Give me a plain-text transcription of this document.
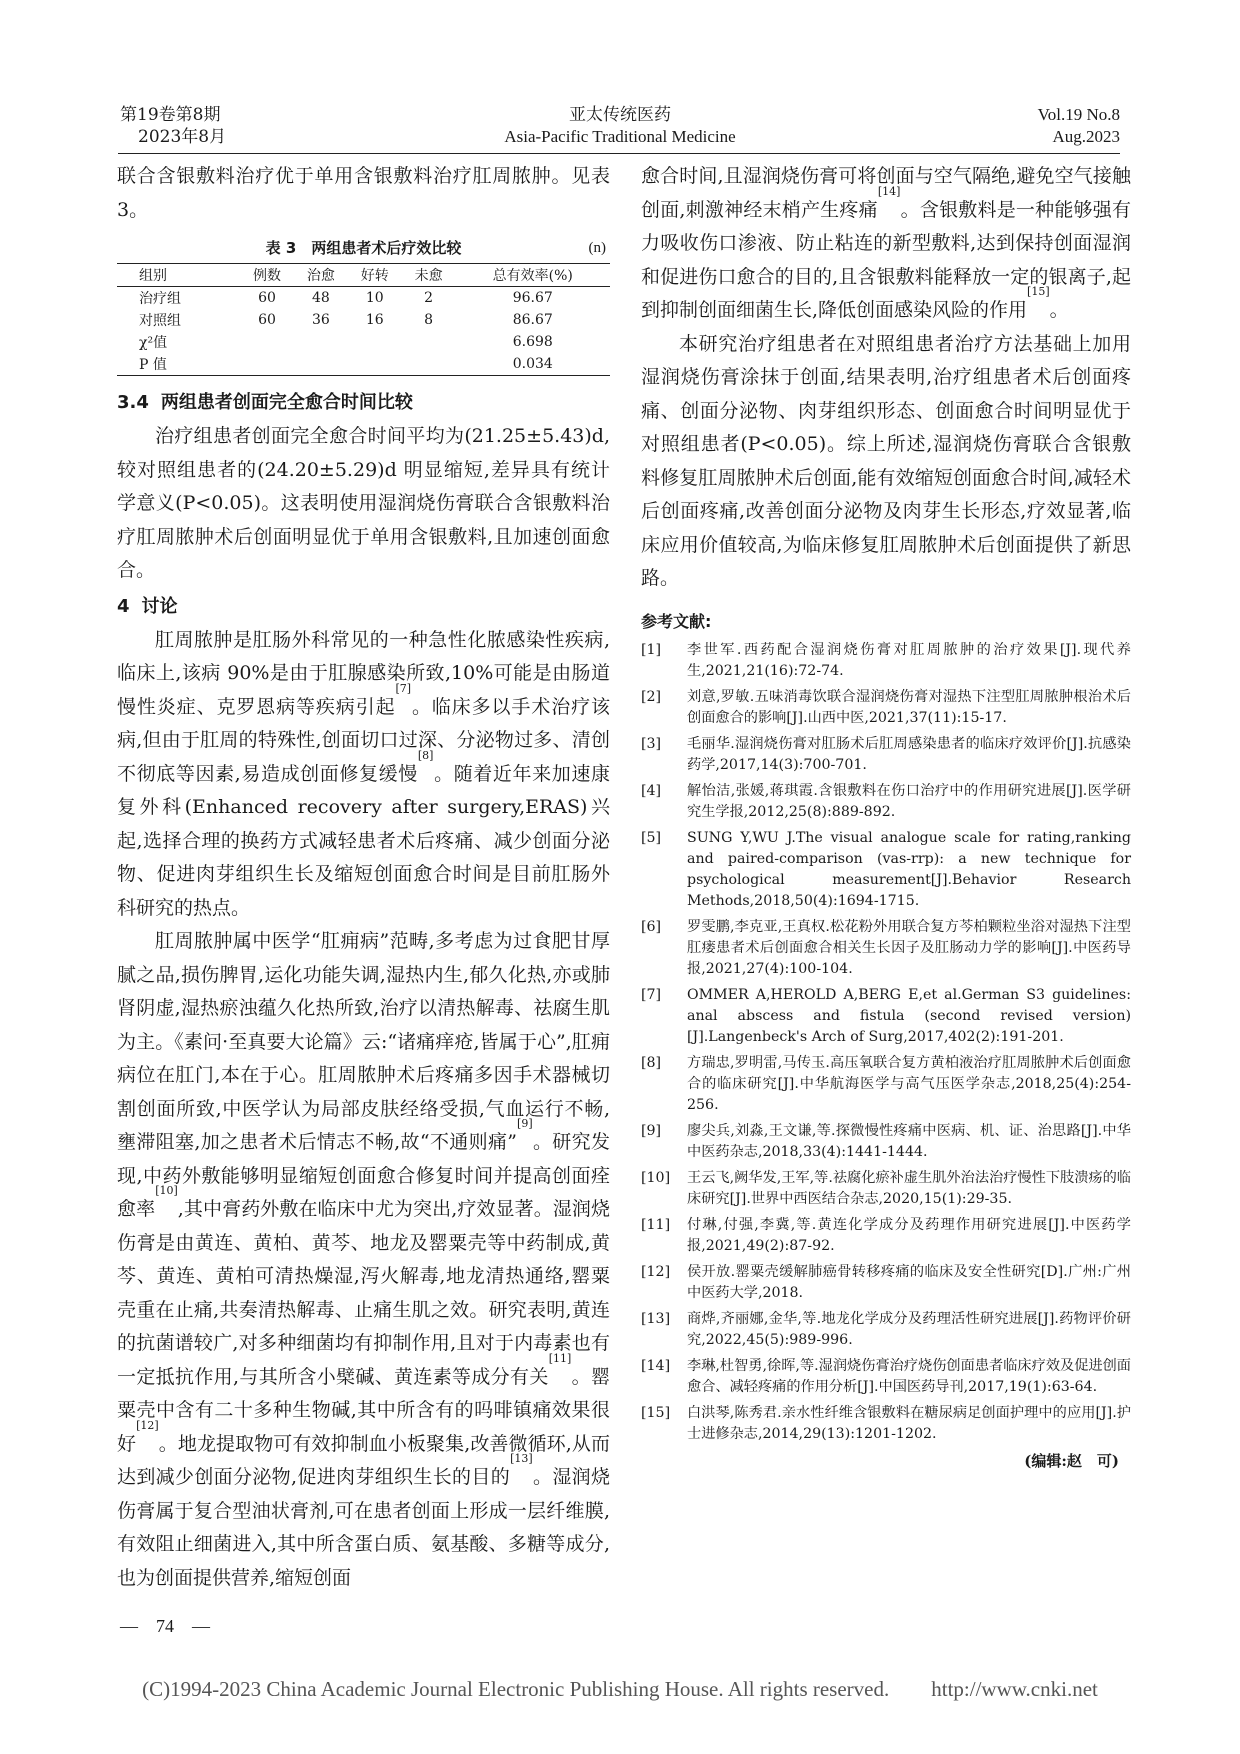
第19卷第8期
2023年8月
亚太传统医药
Asia-Pacific Traditional Medicine
Vol.19 No.8
Aug.2023

联合含银敷料治疗优于单用含银敷料治疗肛周脓肿。见表 3。

表 3　两组患者术后疗效比较	(n)
组别	例数	治愈	好转	未愈	总有效率(%)
治疗组	60	48	10	2	96.67
对照组	60	36	16	8	86.67
χ²值					6.698
P 值					0.034
3.4 两组患者创面完全愈合时间比较

治疗组患者创面完全愈合时间平均为(21.25±5.43)d,较对照组患者的(24.20±5.29)d 明显缩短,差异具有统计学意义(P<0.05)。这表明使用湿润烧伤膏联合含银敷料治疗肛周脓肿术后创面明显优于单用含银敷料,且加速创面愈合。

4 讨论

肛周脓肿是肛肠外科常见的一种急性化脓感染性疾病,临床上,该病 90%是由于肛腺感染所致,10%可能是由肠道慢性炎症、克罗恩病等疾病引起[7]。临床多以手术治疗该病,但由于肛周的特殊性,创面切口过深、分泌物过多、清创不彻底等因素,易造成创面修复缓慢[8]。随着近年来加速康复外科(Enhanced recovery after surgery,ERAS)兴起,选择合理的换药方式减轻患者术后疼痛、减少创面分泌物、促进肉芽组织生长及缩短创面愈合时间是目前肛肠外科研究的热点。

肛周脓肿属中医学“肛痈病”范畴,多考虑为过食肥甘厚腻之品,损伤脾胃,运化功能失调,湿热内生,郁久化热,亦或肺肾阴虚,湿热瘀浊蕴久化热所致,治疗以清热解毒、祛腐生肌为主。《素问·至真要大论篇》云:“诸痛痒疮,皆属于心”,肛痈病位在肛门,本在于心。肛周脓肿术后疼痛多因手术器械切割创面所致,中医学认为局部皮肤经络受损,气血运行不畅,壅滞阻塞,加之患者术后情志不畅,故“不通则痛”[9]。研究发现,中药外敷能够明显缩短创面愈合修复时间并提高创面痊愈率[10],其中膏药外敷在临床中尤为突出,疗效显著。湿润烧伤膏是由黄连、黄柏、黄芩、地龙及罂粟壳等中药制成,黄芩、黄连、黄柏可清热燥湿,泻火解毒,地龙清热通络,罂粟壳重在止痛,共奏清热解毒、止痛生肌之效。研究表明,黄连的抗菌谱较广,对多种细菌均有抑制作用,且对于内毒素也有一定抵抗作用,与其所含小檗碱、黄连素等成分有关[11]。罂粟壳中含有二十多种生物碱,其中所含有的吗啡镇痛效果很好[12]。地龙提取物可有效抑制血小板聚集,改善微循环,从而达到减少创面分泌物,促进肉芽组织生长的目的[13]。湿润烧伤膏属于复合型油状膏剂,可在患者创面上形成一层纤维膜,有效阻止细菌进入,其中所含蛋白质、氨基酸、多糖等成分,也为创面提供营养,缩短创面

愈合时间,且湿润烧伤膏可将创面与空气隔绝,避免空气接触创面,刺激神经末梢产生疼痛[14]。含银敷料是一种能够强有力吸收伤口渗液、防止粘连的新型敷料,达到保持创面湿润和促进伤口愈合的目的,且含银敷料能释放一定的银离子,起到抑制创面细菌生长,降低创面感染风险的作用[15]。

本研究治疗组患者在对照组患者治疗方法基础上加用湿润烧伤膏涂抹于创面,结果表明,治疗组患者术后创面疼痛、创面分泌物、肉芽组织形态、创面愈合时间明显优于对照组患者(P<0.05)。综上所述,湿润烧伤膏联合含银敷料修复肛周脓肿术后创面,能有效缩短创面愈合时间,减轻术后创面疼痛,改善创面分泌物及肉芽生长形态,疗效显著,临床应用价值较高,为临床修复肛周脓肿术后创面提供了新思路。

参考文献:
[1]	李世军.西药配合湿润烧伤膏对肛周脓肿的治疗效果[J].现代养生,2021,21(16):72-74.
[2]	刘意,罗敏.五味消毒饮联合湿润烧伤膏对湿热下注型肛周脓肿根治术后创面愈合的影响[J].山西中医,2021,37(11):15-17.
[3]	毛丽华.湿润烧伤膏对肛肠术后肛周感染患者的临床疗效评价[J].抗感染药学,2017,14(3):700-701.
[4]	解怡洁,张媛,蒋琪霞.含银敷料在伤口治疗中的作用研究进展[J].医学研究生学报,2012,25(8):889-892.
[5]	SUNG Y,WU J.The visual analogue scale for rating,ranking and paired-comparison (vas-rrp): a new technique for psychological measurement[J].Behavior Research Methods,2018,50(4):1694-1715.
[6]	罗雯鹏,李克亚,王真权.松花粉外用联合复方芩柏颗粒坐浴对湿热下注型肛瘘患者术后创面愈合相关生长因子及肛肠动力学的影响[J].中医药导报,2021,27(4):100-104.
[7]	OMMER A,HEROLD A,BERG E,et al.German S3 guidelines: anal abscess and fistula (second revised version)[J].Langenbeck's Arch of Surg,2017,402(2):191-201.
[8]	方瑞忠,罗明雷,马传玉.高压氧联合复方黄柏液治疗肛周脓肿术后创面愈合的临床研究[J].中华航海医学与高气压医学杂志,2018,25(4):254-256.
[9]	廖尖兵,刘淼,王文谦,等.探微慢性疼痛中医病、机、证、治思路[J].中华中医药杂志,2018,33(4):1441-1444.
[10]	王云飞,阙华发,王军,等.祛腐化瘀补虚生肌外治法治疗慢性下肢溃疡的临床研究[J].世界中西医结合杂志,2020,15(1):29-35.
[11]	付琳,付强,李冀,等.黄连化学成分及药理作用研究进展[J].中医药学报,2021,49(2):87-92.
[12]	侯开放.罂粟壳缓解肺癌骨转移疼痛的临床及安全性研究[D].广州:广州中医药大学,2018.
[13]	商烨,齐丽娜,金华,等.地龙化学成分及药理活性研究进展[J].药物评价研究,2022,45(5):989-996.
[14]	李琳,杜智勇,徐晖,等.湿润烧伤膏治疗烧伤创面患者临床疗效及促进创面愈合、减轻疼痛的作用分析[J].中国医药导刊,2017,19(1):63-64.
[15]	白洪琴,陈秀君.亲水性纤维含银敷料在糖尿病足创面护理中的应用[J].护士进修杂志,2014,29(13):1201-1202.
(编辑:赵　可)
—　74　—
(C)1994-2023 China Academic Journal Electronic Publishing House. All rights reserved.　　http://www.cnki.net
